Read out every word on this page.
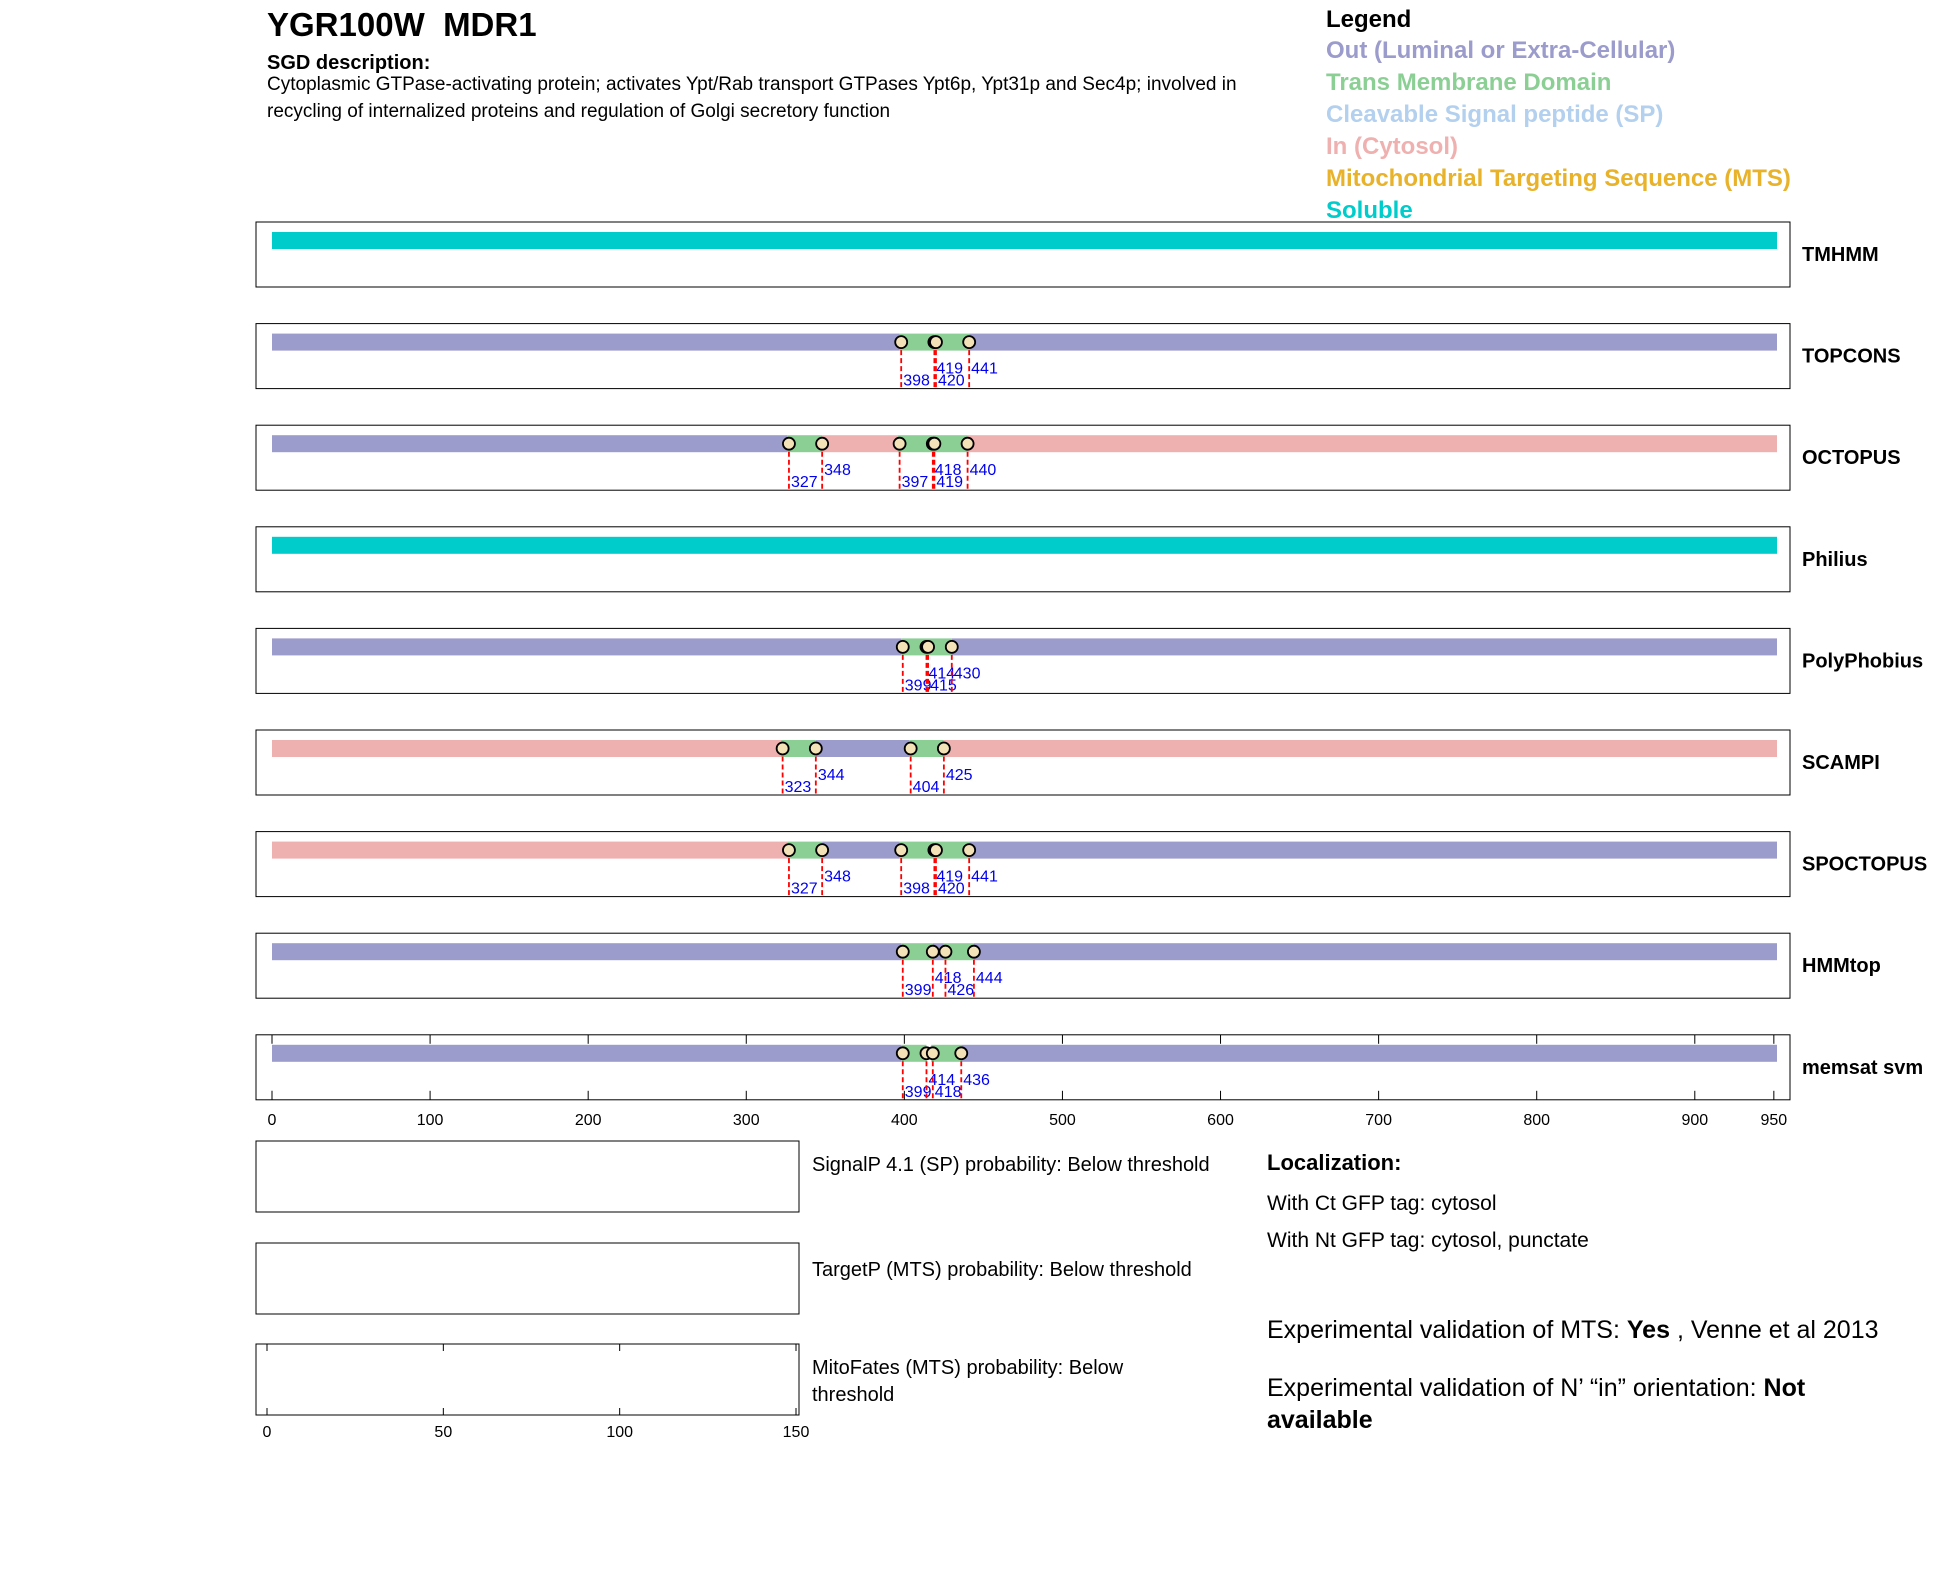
YGR100W MDR1
SGD description:
Cytoplasmic GTPase-activating protein; activates Ypt/Rab transport GTPases Ypt6p, Ypt31p and Sec4p; involved in recycling of internalized proteins and regulation of Golgi secretory function
Legend
Out (Luminal or Extra-Cellular)
Trans Membrane Domain
Cleavable Signal peptide (SP)
In (Cytosol)
Mitochondrial Targeting Sequence (MTS)
Soluble
TMHMM
398
419
420
441
TOPCONS
327
348
397
418
419
440
OCTOPUS
Philius
399
414
415
430
PolyPhobius
323
344
404
425
SCAMPI
327
348
398
419
420
441
SPOCTOPUS
399
418
426
444
HMMtop
399
414
418
436
memsat svm
0	100	200	300	400	500	600	700	800	900	950
0	50	100	150
SignalP 4.1 (SP) probability: Below threshold
TargetP (MTS) probability: Below threshold
MitoFates (MTS) probability: Below threshold
Localization:
With Ct GFP tag: cytosol
With Nt GFP tag: cytosol, punctate
Experimental validation of MTS: Yes , Venne et al 2013
Experimental validation of N’ “in” orientation: Not available
